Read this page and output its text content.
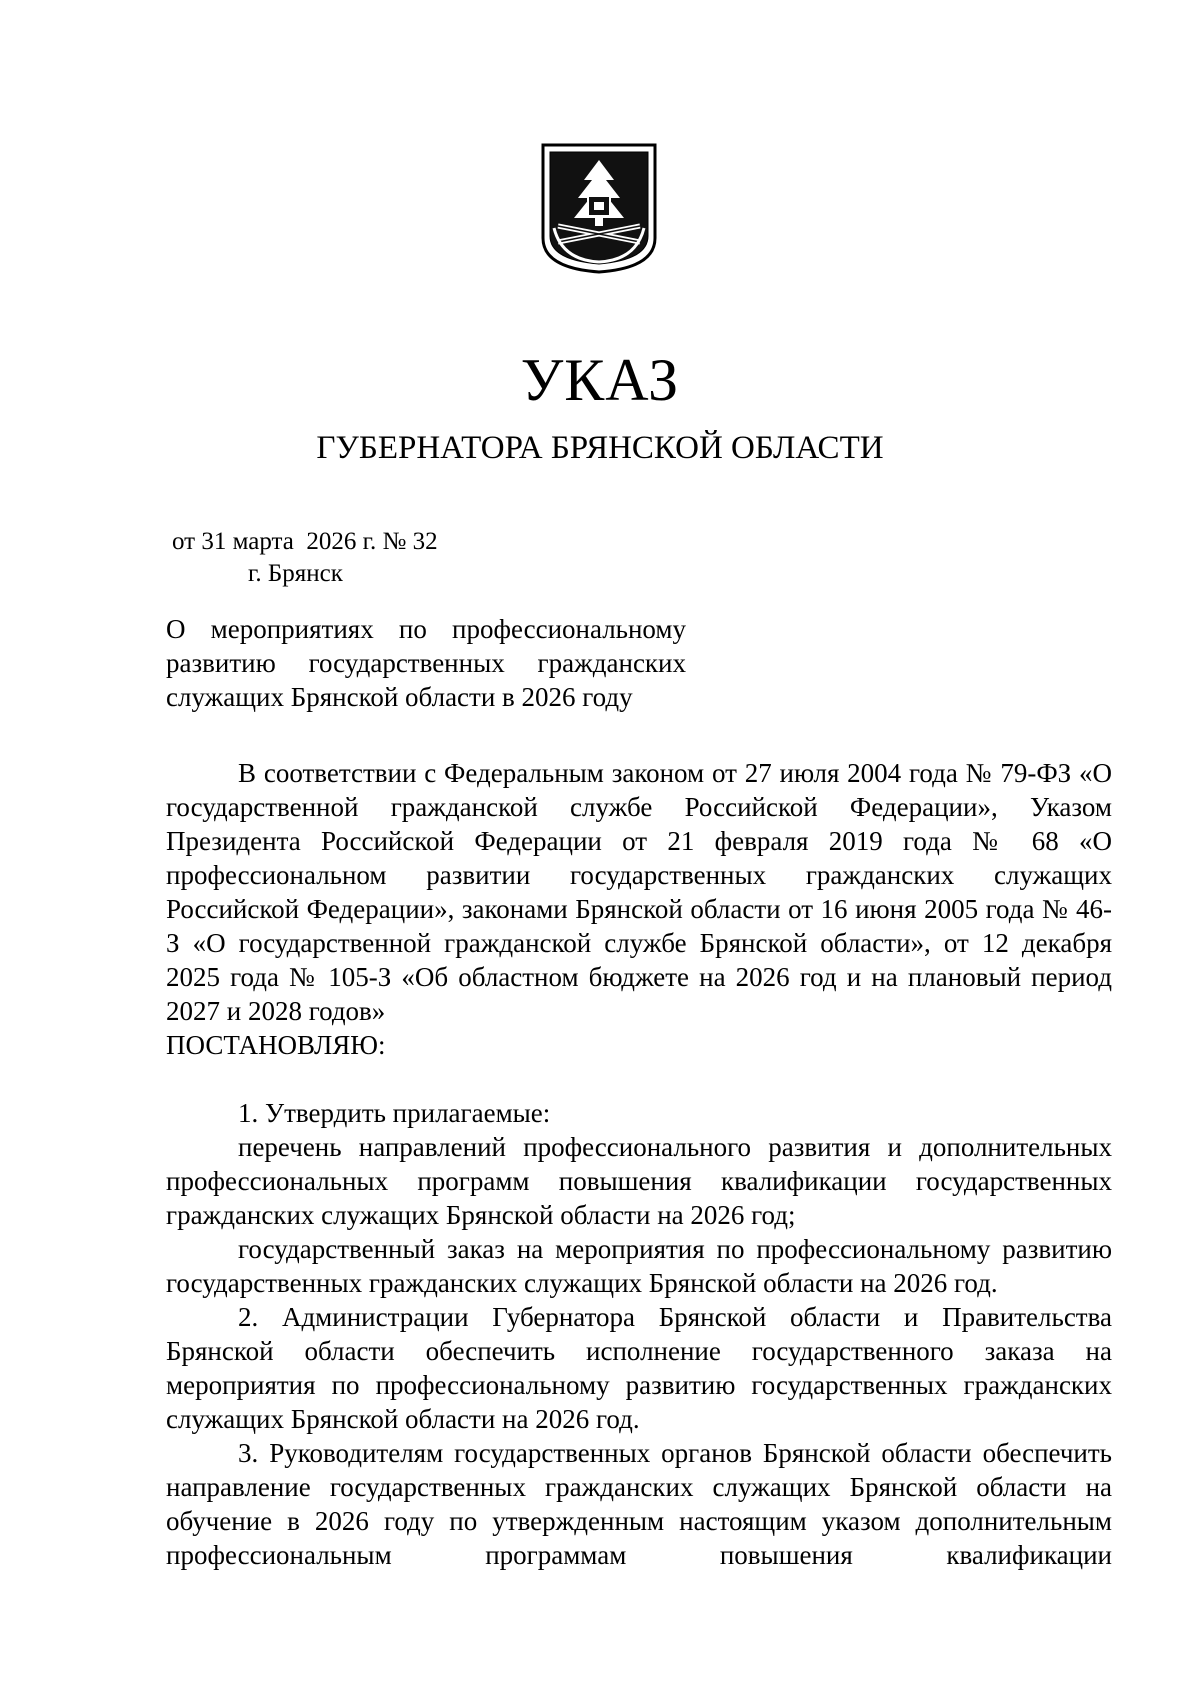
УКАЗ
ГУБЕРНАТОРА БРЯНСКОЙ ОБЛАСТИ
от 31 марта  2026 г. № 32
г. Брянск
О мероприятиях по профессиональному развитию государственных гражданских служащих Брянской области в 2026 году

В соответствии с Федеральным законом от 27 июля 2004 года № 79-ФЗ «О государственной гражданской службе Российской Федерации», Указом Президента Российской Федерации от 21 февраля 2019 года № 68 «О профессиональном развитии государственных гражданских служащих Российской Федерации», законами Брянской области от 16 июня 2005 года № 46-З «О государственной гражданской службе Брянской области», от 12 декабря 2025 года № 105-З «Об областном бюджете на 2026 год и на плановый период 2027 и 2028 годов»

ПОСТАНОВЛЯЮ:

1. Утвердить прилагаемые:

перечень направлений профессионального развития и дополнительных профессиональных программ повышения квалификации государственных гражданских служащих Брянской области на 2026 год;

государственный заказ на мероприятия по профессиональному развитию государственных гражданских служащих Брянской области на 2026 год.

2. Администрации Губернатора Брянской области и Правительства Брянской области обеспечить исполнение государственного заказа на мероприятия по профессиональному развитию государственных гражданских служащих Брянской области на 2026 год.

3. Руководителям государственных органов Брянской области обеспечить направление государственных гражданских служащих Брянской области на обучение в 2026 году по утвержденным настоящим указом дополнительным профессиональным программам повышения квалификации
